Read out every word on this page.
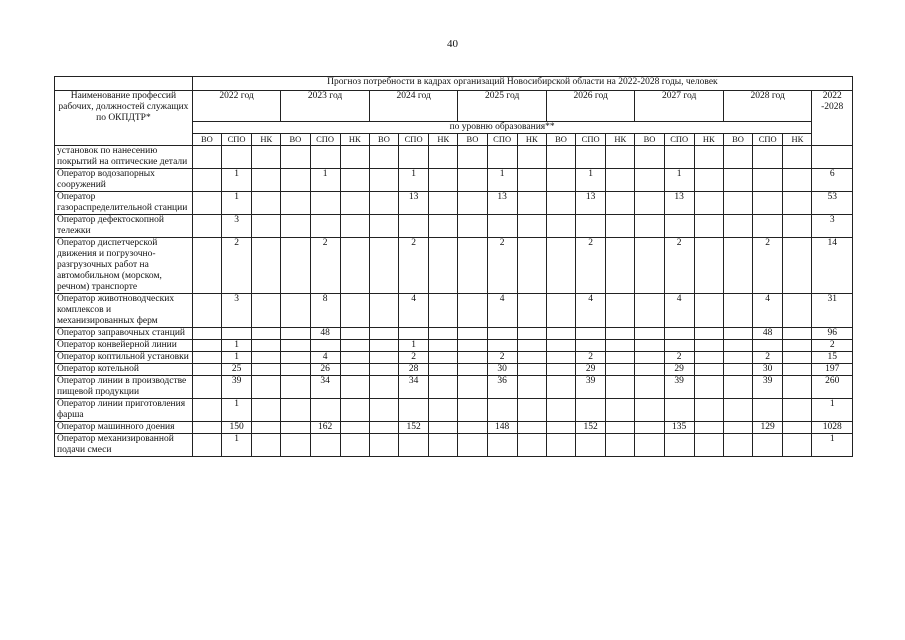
40
	Прогноз потребности в кадрах организаций Новосибирской области на 2022-2028 годы, человек																					
Наименование профессий рабочих, должностей служащих по ОКПДТР*	2022 год			2023 год			2024 год			2025 год			2026 год			2027 год			2028 год			2022 -2028
	по уровню образования**																					
	ВО	СПО	НК	ВО	СПО	НК	ВО	СПО	НК	ВО	СПО	НК	ВО	СПО	НК	ВО	СПО	НК	ВО	СПО	НК	
установок по нанесению покрытий на оптические детали																						
Оператор водозапорных сооружений		1			1			1			1			1			1					6
Оператор газораспределительной станции		1						13			13			13			13					53
Оператор дефектоскопной тележки		3																				3
Оператор диспетчерской движения и погрузочно-разгрузочных работ на автомобильном (морском, речном) транспорте		2			2			2			2			2			2			2		14
Оператор животноводческих комплексов и механизированных ферм		3			8			4			4			4			4			4		31
Оператор заправочных станций					48															48		96
Оператор конвейерной линии		1						1														2
Оператор коптильной установки		1			4			2			2			2			2			2		15
Оператор котельной		25			26			28			30			29			29			30		197
Оператор линии в производстве пищевой продукции		39			34			34			36			39			39			39		260
Оператор линии приготовления фарша		1																				1
Оператор машинного доения		150			162			152			148			152			135			129		1028
Оператор механизированной подачи смеси		1																				1
